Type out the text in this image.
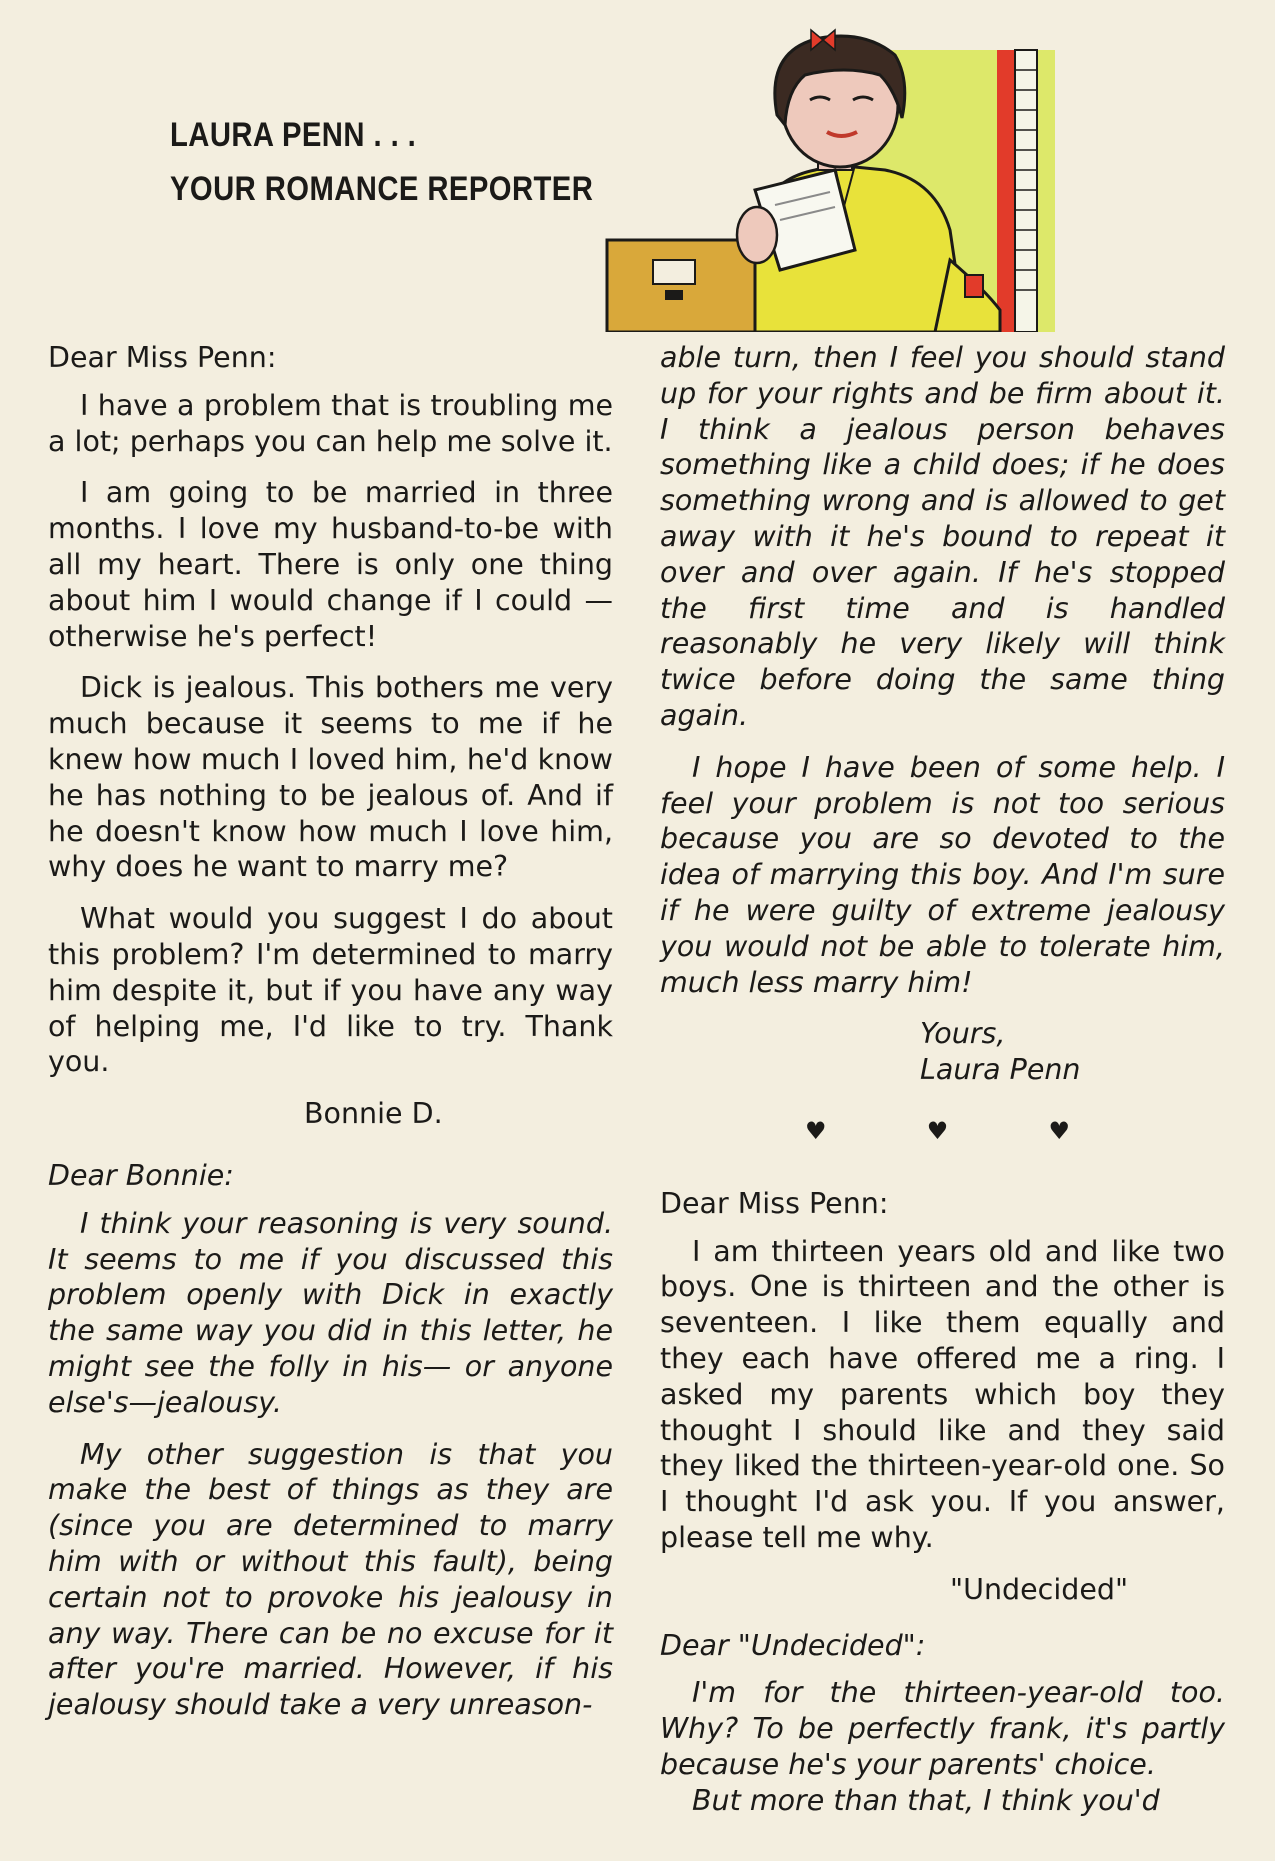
LAURA PENN . . .
YOUR ROMANCE REPORTER

Dear Miss Penn:

I have a problem that is troubling me a lot; perhaps you can help me solve it.

I am going to be married in three months. I love my husband-to-be with all my heart. There is only one thing about him I would change if I could —otherwise he's perfect!

Dick is jealous. This bothers me very much because it seems to me if he knew how much I loved him, he'd know he has nothing to be jealous of. And if he doesn't know how much I love him, why does he want to marry me?

What would you suggest I do about this problem? I'm determined to marry him despite it, but if you have any way of helping me, I'd like to try. Thank you.

Bonnie D.

Dear Bonnie:

I think your reasoning is very sound. It seems to me if you discussed this problem openly with Dick in exactly the same way you did in this letter, he might see the folly in his— or anyone else's—jealousy.

My other suggestion is that you make the best of things as they are (since you are determined to marry him with or without this fault), being certain not to provoke his jealousy in any way. There can be no excuse for it after you're married. However, if his jealousy should take a very unreason-

able turn, then I feel you should stand up for your rights and be firm about it. I think a jealous person behaves something like a child does; if he does something wrong and is allowed to get away with it he's bound to repeat it over and over again. If he's stopped the first time and is handled reasonably he very likely will think twice before doing the same thing again.

I hope I have been of some help. I feel your problem is not too serious because you are so devoted to the idea of marrying this boy. And I'm sure if he were guilty of extreme jealousy you would not be able to tolerate him, much less marry him!

Yours,

Laura Penn

♥	♥	♥

Dear Miss Penn:

I am thirteen years old and like two boys. One is thirteen and the other is seventeen. I like them equally and they each have offered me a ring. I asked my parents which boy they thought I should like and they said they liked the thirteen-year-old one. So I thought I'd ask you. If you answer, please tell me why.

"Undecided"

Dear "Undecided":

I'm for the thirteen-year-old too. Why? To be perfectly frank, it's partly because he's your parents' choice.

But more than that, I think you'd
